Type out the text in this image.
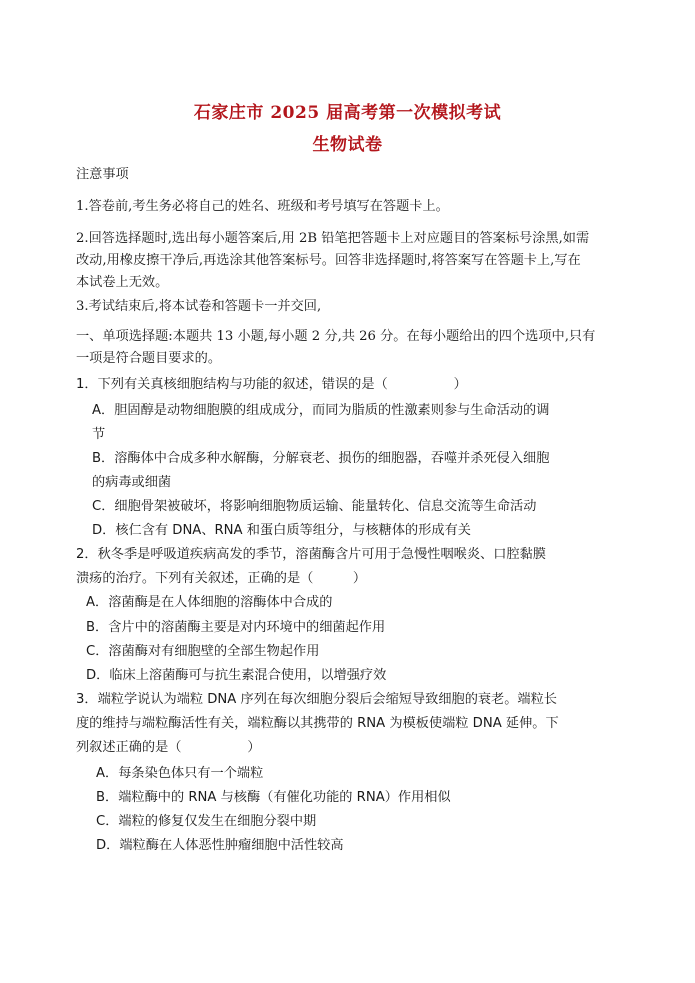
石家庄市 2025 届高考第一次模拟考试
生物试卷
注意事项
1.答卷前,考生务必将自己的姓名、班级和考号填写在答题卡上。
2.回答选择题时,选出每小题答案后,用 2B 铅笔把答题卡上对应题目的答案标号涂黑,如需
改动,用橡皮擦干净后,再选涂其他答案标号。回答非选择题时,将答案写在答题卡上,写在
本试卷上无效。
3.考试结束后,将本试卷和答题卡一并交回,
一、单项选择题:本题共 13 小题,每小题 2 分,共 26 分。在每小题给出的四个选项中,只有
一项是符合题目要求的。
1．下列有关真核细胞结构与功能的叙述，错误的是（　　　　　）
A．胆固醇是动物细胞膜的组成成分，而同为脂质的性激素则参与生命活动的调
节
B．溶酶体中合成多种水解酶，分解衰老、损伤的细胞器，吞噬并杀死侵入细胞
的病毒或细菌
C．细胞骨架被破坏，将影响细胞物质运输、能量转化、信息交流等生命活动
D．核仁含有 DNA、RNA 和蛋白质等组分，与核糖体的形成有关
2．秋冬季是呼吸道疾病高发的季节，溶菌酶含片可用于急慢性咽喉炎、口腔黏膜
溃疡的治疗。下列有关叙述，正确的是（　　　）
A．溶菌酶是在人体细胞的溶酶体中合成的
B．含片中的溶菌酶主要是对内环境中的细菌起作用
C．溶菌酶对有细胞壁的全部生物起作用
D．临床上溶菌酶可与抗生素混合使用，以增强疗效
3．端粒学说认为端粒 DNA 序列在每次细胞分裂后会缩短导致细胞的衰老。端粒长
度的维持与端粒酶活性有关，端粒酶以其携带的 RNA 为模板使端粒 DNA 延伸。下
列叙述正确的是（　　　　　）
A．每条染色体只有一个端粒
B．端粒酶中的 RNA 与核酶（有催化功能的 RNA）作用相似
C．端粒的修复仅发生在细胞分裂中期
D．端粒酶在人体恶性肿瘤细胞中活性较高
